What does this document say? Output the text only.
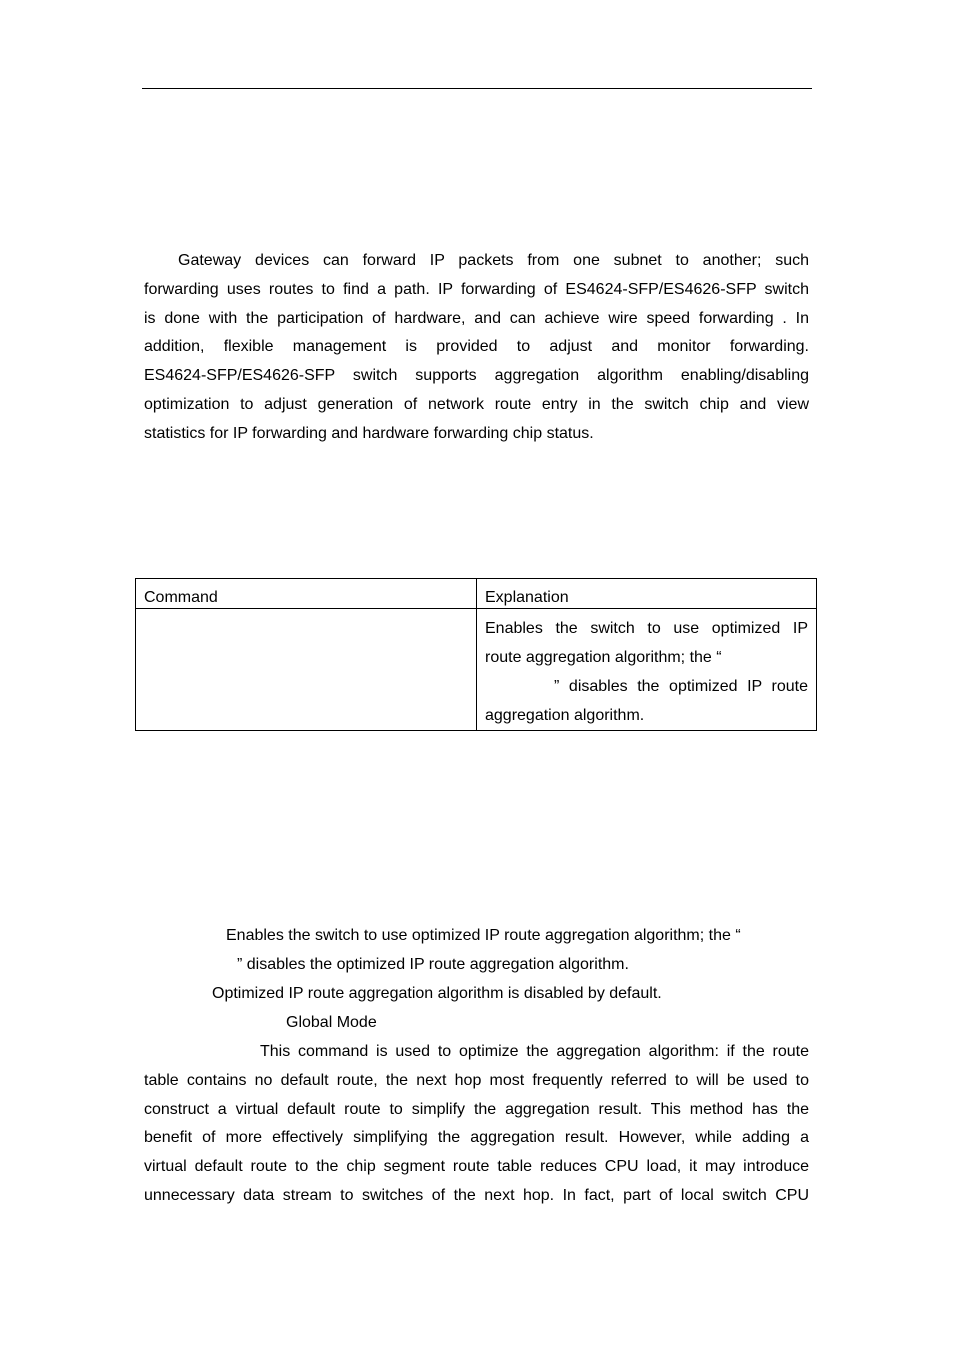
Gateway devices can forward IP packets from one subnet to another; such
forwarding uses routes to find a path. IP forwarding of ES4624-SFP/ES4626-SFP switch
is done with the participation of hardware, and can achieve wire speed forwarding . In
addition, flexible management is provided to adjust and monitor forwarding.
ES4624-SFP/ES4626-SFP switch supports aggregation algorithm enabling/disabling
optimization to adjust generation of network route entry in the switch chip and view
statistics for IP forwarding and hardware forwarding chip status.
Command	Explanation

	Enables the switch to use optimized IP
route aggregation algorithm; the “
” disables the optimized IP route
aggregation algorithm.
Enables the switch to use optimized IP route aggregation algorithm; the “
” disables the optimized IP route aggregation algorithm.
Optimized IP route aggregation algorithm is disabled by default.
Global Mode
This command is used to optimize the aggregation algorithm: if the route
table contains no default route, the next hop most frequently referred to will be used to
construct a virtual default route to simplify the aggregation result. This method has the
benefit of more effectively simplifying the aggregation result. However, while adding a
virtual default route to the chip segment route table reduces CPU load, it may introduce
unnecessary data stream to switches of the next hop. In fact, part of local switch CPU
